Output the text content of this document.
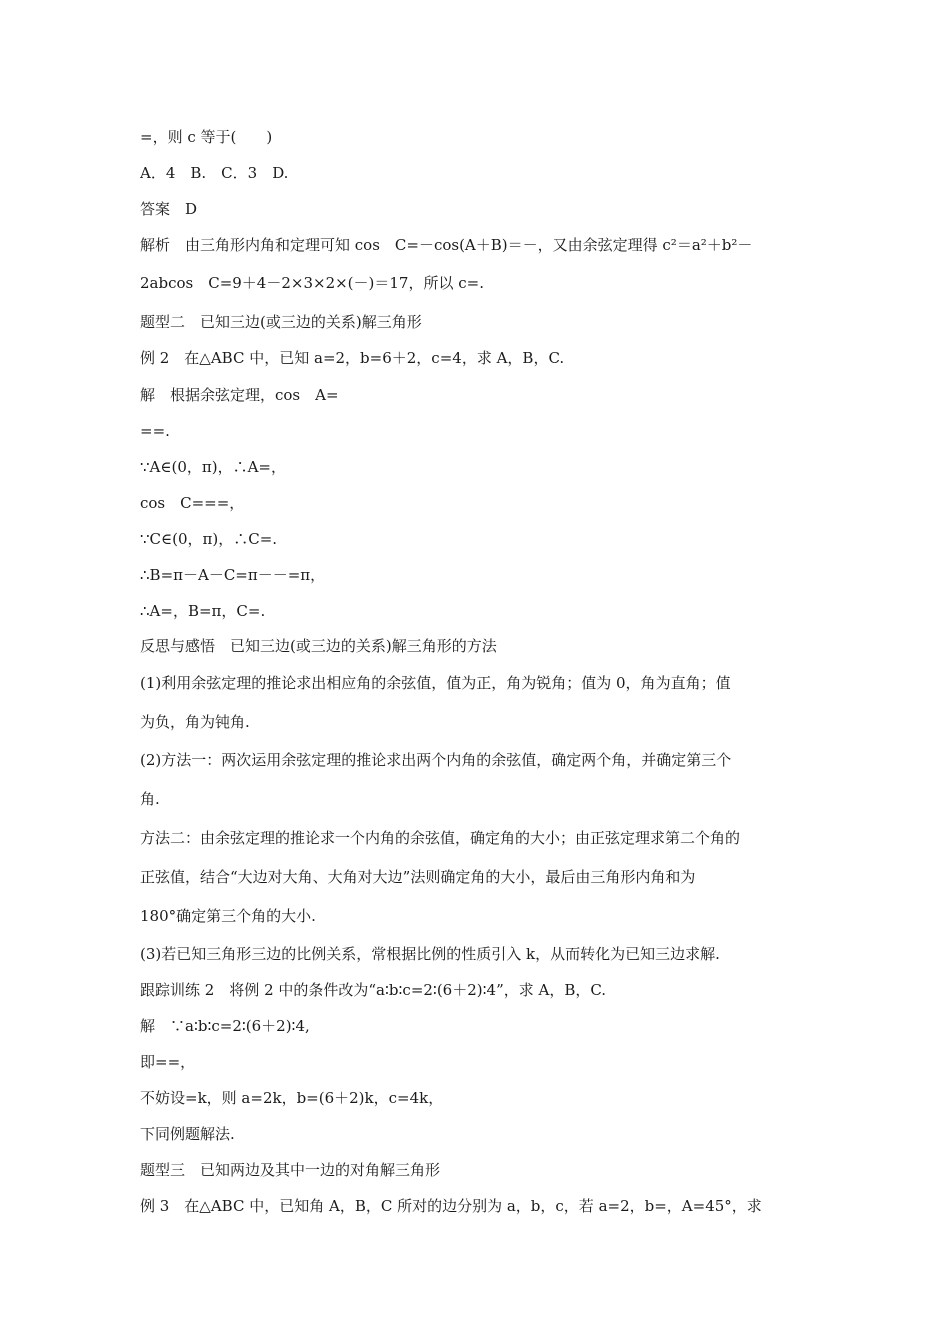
=，则 c 等于(　　)
A．4　B.　C．3　D.
答案　D
解析　由三角形内角和定理可知 cos　C=－cos(A＋B)＝－，又由余弦定理得 c²＝a²＋b²－
2abcos　C=9＋4－2×3×2×(－)＝17，所以 c=.
题型二　已知三边(或三边的关系)解三角形
例 2　在△ABC 中，已知 a=2，b=6＋2，c=4，求 A，B，C.
解　根据余弦定理，cos　A=
==.
∵A∈(0，π)，∴A=，
cos　C===，
∵C∈(0，π)，∴C=.
∴B=π－A－C=π－－=π，
∴A=，B=π，C=.
反思与感悟　已知三边(或三边的关系)解三角形的方法
(1)利用余弦定理的推论求出相应角的余弦值，值为正，角为锐角；值为 0，角为直角；值
为负，角为钝角.
(2)方法一：两次运用余弦定理的推论求出两个内角的余弦值，确定两个角，并确定第三个
角.
方法二：由余弦定理的推论求一个内角的余弦值，确定角的大小；由正弦定理求第二个角的
正弦值，结合“大边对大角、大角对大边”法则确定角的大小，最后由三角形内角和为
180°确定第三个角的大小.
(3)若已知三角形三边的比例关系，常根据比例的性质引入 k，从而转化为已知三边求解.
跟踪训练 2　将例 2 中的条件改为“a∶b∶c=2∶(6＋2)∶4”，求 A，B，C.
解　∵a∶b∶c=2∶(6＋2)∶4,
即==，
不妨设=k，则 a=2k，b=(6＋2)k，c=4k，
下同例题解法.
题型三　已知两边及其中一边的对角解三角形
例 3　在△ABC 中，已知角 A，B，C 所对的边分别为 a，b，c，若 a=2，b=，A=45°，求
